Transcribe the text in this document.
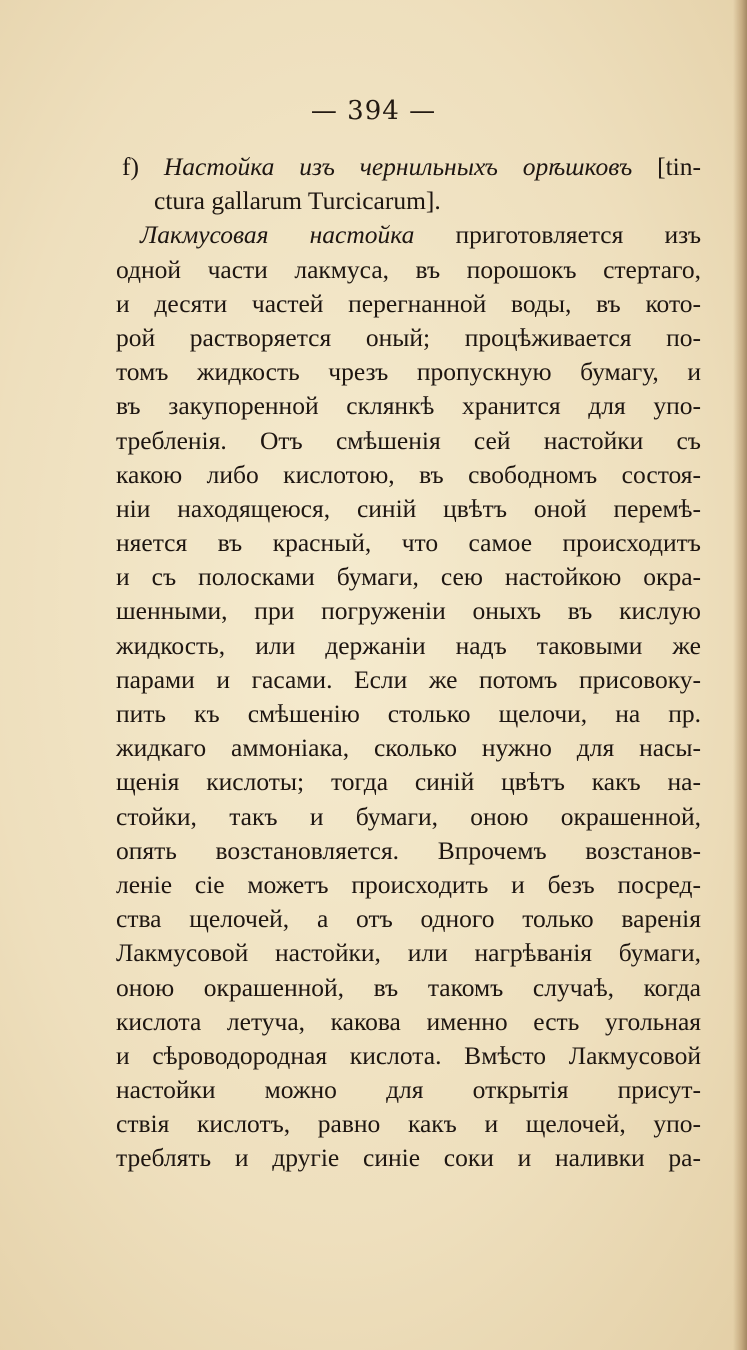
— 394 —
f) Настойка изъ чернильныхъ орѣшковъ [tin-
ctura gallarum Turcicarum].
Лакмусовая настойка приготовляется изъ
одной части лакмуса, въ порошокъ стертаго,
и десяти частей перегнанной воды, въ кото-
рой растворяется оный; процѣживается по-
томъ жидкость чрезъ пропускную бумагу, и
въ закупоренной склянкѣ хранится для упо-
требленія. Отъ смѣшенія сей настойки съ
какою либо кислотою, въ свободномъ состоя-
ніи находящеюся, синій цвѣтъ оной перемѣ-
няется въ красный, что самое происходитъ
и съ полосками бумаги, сею настойкою окра-
шенными, при погруженіи оныхъ въ кислую
жидкость, или держаніи надъ таковыми же
парами и гасами. Если же потомъ присовоку-
пить къ смѣшенію столько щелочи, на пр.
жидкаго аммоніака, сколько нужно для насы-
щенія кислоты; тогда синій цвѣтъ какъ на-
стойки, такъ и бумаги, оною окрашенной,
опять возстановляется. Впрочемъ возстанов-
леніе сіе можетъ происходить и безъ посред-
ства щелочей, а отъ одного только варенія
Лакмусовой настойки, или нагрѣванія бумаги,
оною окрашенной, въ такомъ случаѣ, когда
кислота летуча, какова именно есть угольная
и сѣроводородная кислота. Вмѣсто Лакмусовой
настойки можно для открытія присут-
ствія кислотъ, равно какъ и щелочей, упо-
треблять и другіе синіе соки и наливки ра-
